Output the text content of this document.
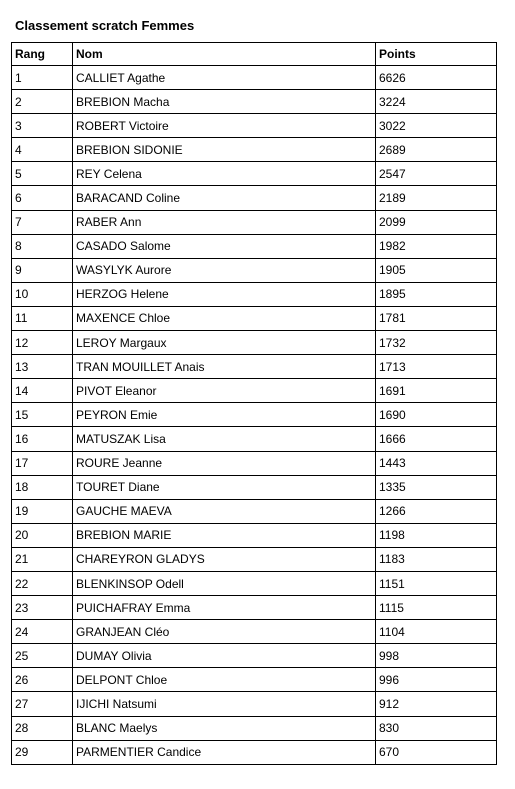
Classement scratch Femmes
Rang	Nom	Points
1	CALLIET Agathe	6626
2	BREBION Macha	3224
3	ROBERT Victoire	3022
4	BREBION SIDONIE	2689
5	REY Celena	2547
6	BARACAND Coline	2189
7	RABER Ann	2099
8	CASADO Salome	1982
9	WASYLYK Aurore	1905
10	HERZOG Helene	1895
11	MAXENCE Chloe	1781
12	LEROY Margaux	1732
13	TRAN MOUILLET Anais	1713
14	PIVOT Eleanor	1691
15	PEYRON Emie	1690
16	MATUSZAK Lisa	1666
17	ROURE Jeanne	1443
18	TOURET Diane	1335
19	GAUCHE MAEVA	1266
20	BREBION MARIE	1198
21	CHAREYRON GLADYS	1183
22	BLENKINSOP Odell	1151
23	PUICHAFRAY Emma	1115
24	GRANJEAN Cléo	1104
25	DUMAY Olivia	998
26	DELPONT Chloe	996
27	IJICHI Natsumi	912
28	BLANC Maelys	830
29	PARMENTIER Candice	670
